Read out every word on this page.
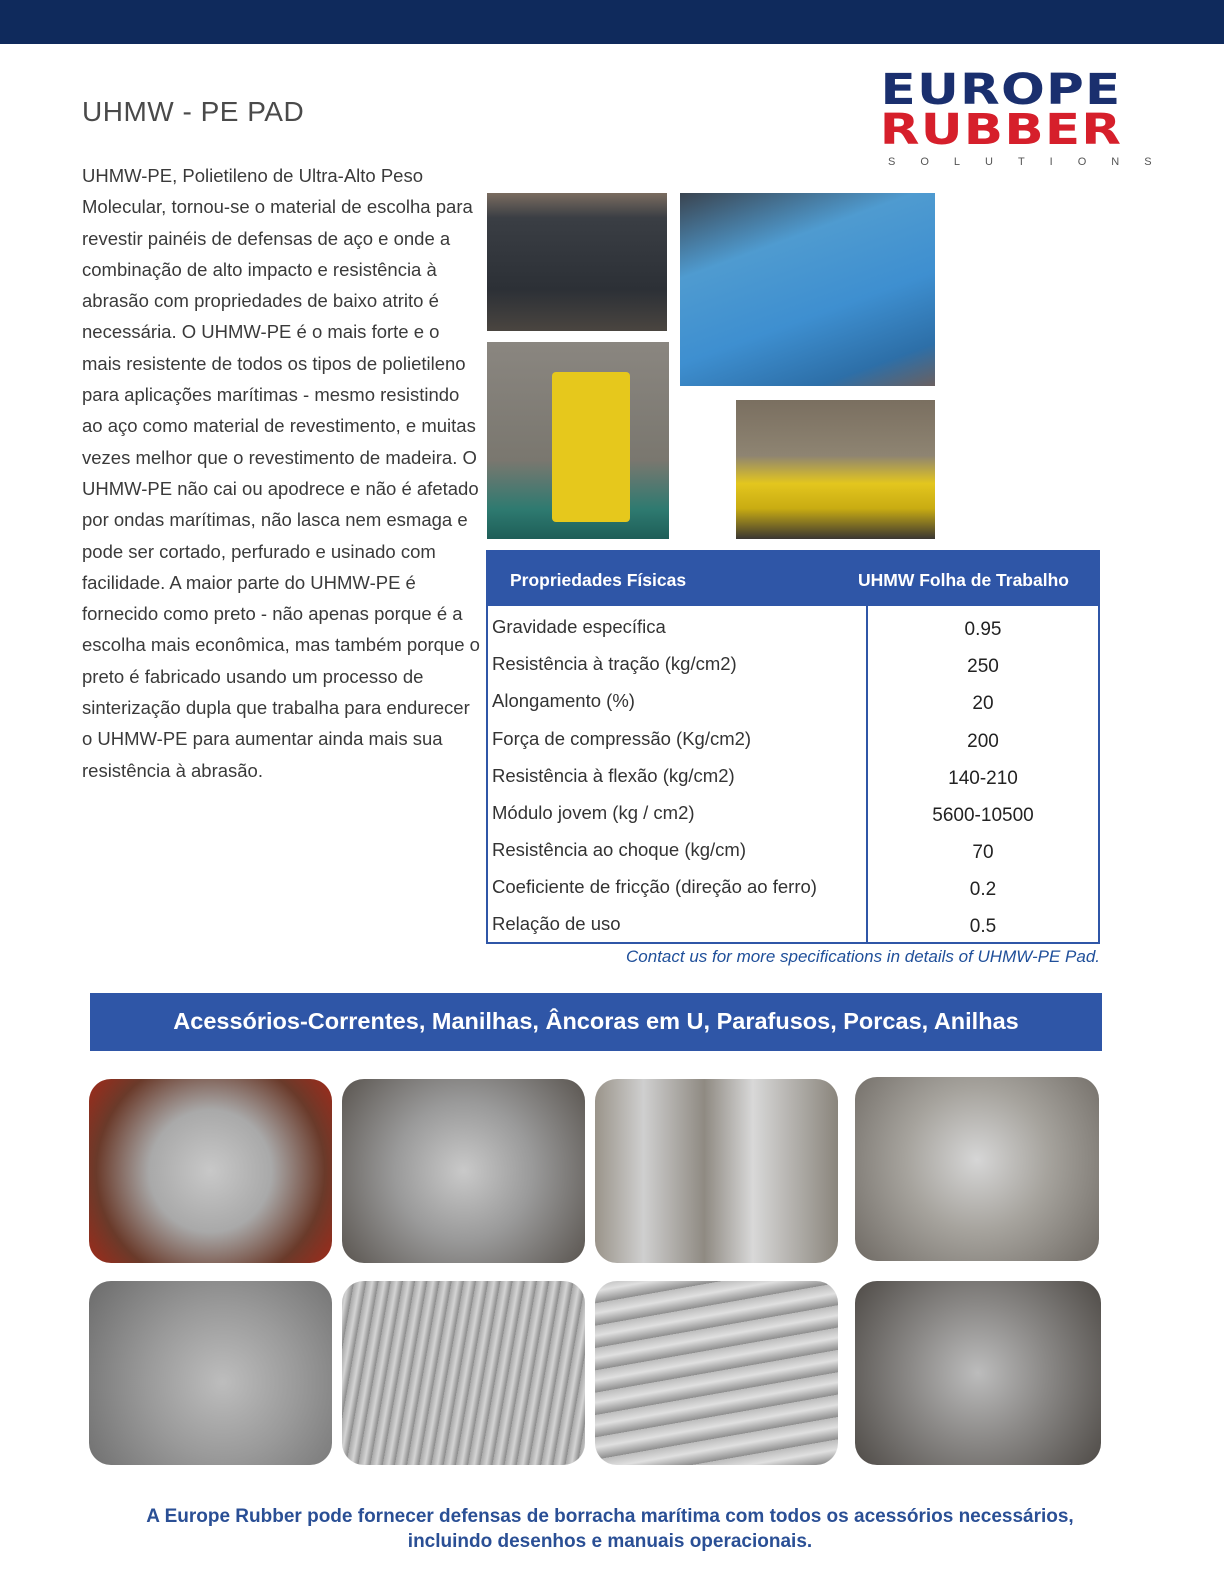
UHMW - PE PAD	EUROPE
RUBBER
SOLUTIONS
UHMW-PE, Polietileno de Ultra-Alto Peso Molecular, tornou-se o material de escolha para revestir painéis de defensas de aço e onde a combinação de alto impacto e resistência à abrasão com propriedades de baixo atrito é necessária. O UHMW-PE é o mais forte e o mais resistente de todos os tipos de polietileno para aplicações marítimas - mesmo resistindo ao aço como material de revestimento, e muitas vezes melhor que o revestimento de madeira. O UHMW-PE não cai ou apodrece e não é afetado por ondas marítimas, não lasca nem esmaga e pode ser cortado, perfurado e usinado com facilidade. A maior parte do UHMW-PE é fornecido como preto - não apenas porque é a escolha mais econômica, mas também porque o preto é fabricado usando um processo de sinterização dupla que trabalha para endurecer o UHMW-PE para aumentar ainda mais sua resistência à abrasão.
Propriedades Físicas	UHMW Folha de Trabalho
Gravidade específica	0.95
Resistência à tração (kg/cm2)	250
Alongamento (%)	20
Força de compressão (Kg/cm2)	200
Resistência à flexão (kg/cm2)	140-210
Módulo jovem (kg / cm2)	5600-10500
Resistência ao choque (kg/cm)	70
Coeficiente de fricção (direção ao ferro)	0.2
Relação de uso	0.5
Contact us for more specifications in details of UHMW-PE Pad.
Acessórios-Correntes, Manilhas, Âncoras em U, Parafusos, Porcas, Anilhas
A Europe Rubber pode fornecer defensas de borracha marítima com todos os acessórios necessários,
incluindo desenhos e manuais operacionais.
